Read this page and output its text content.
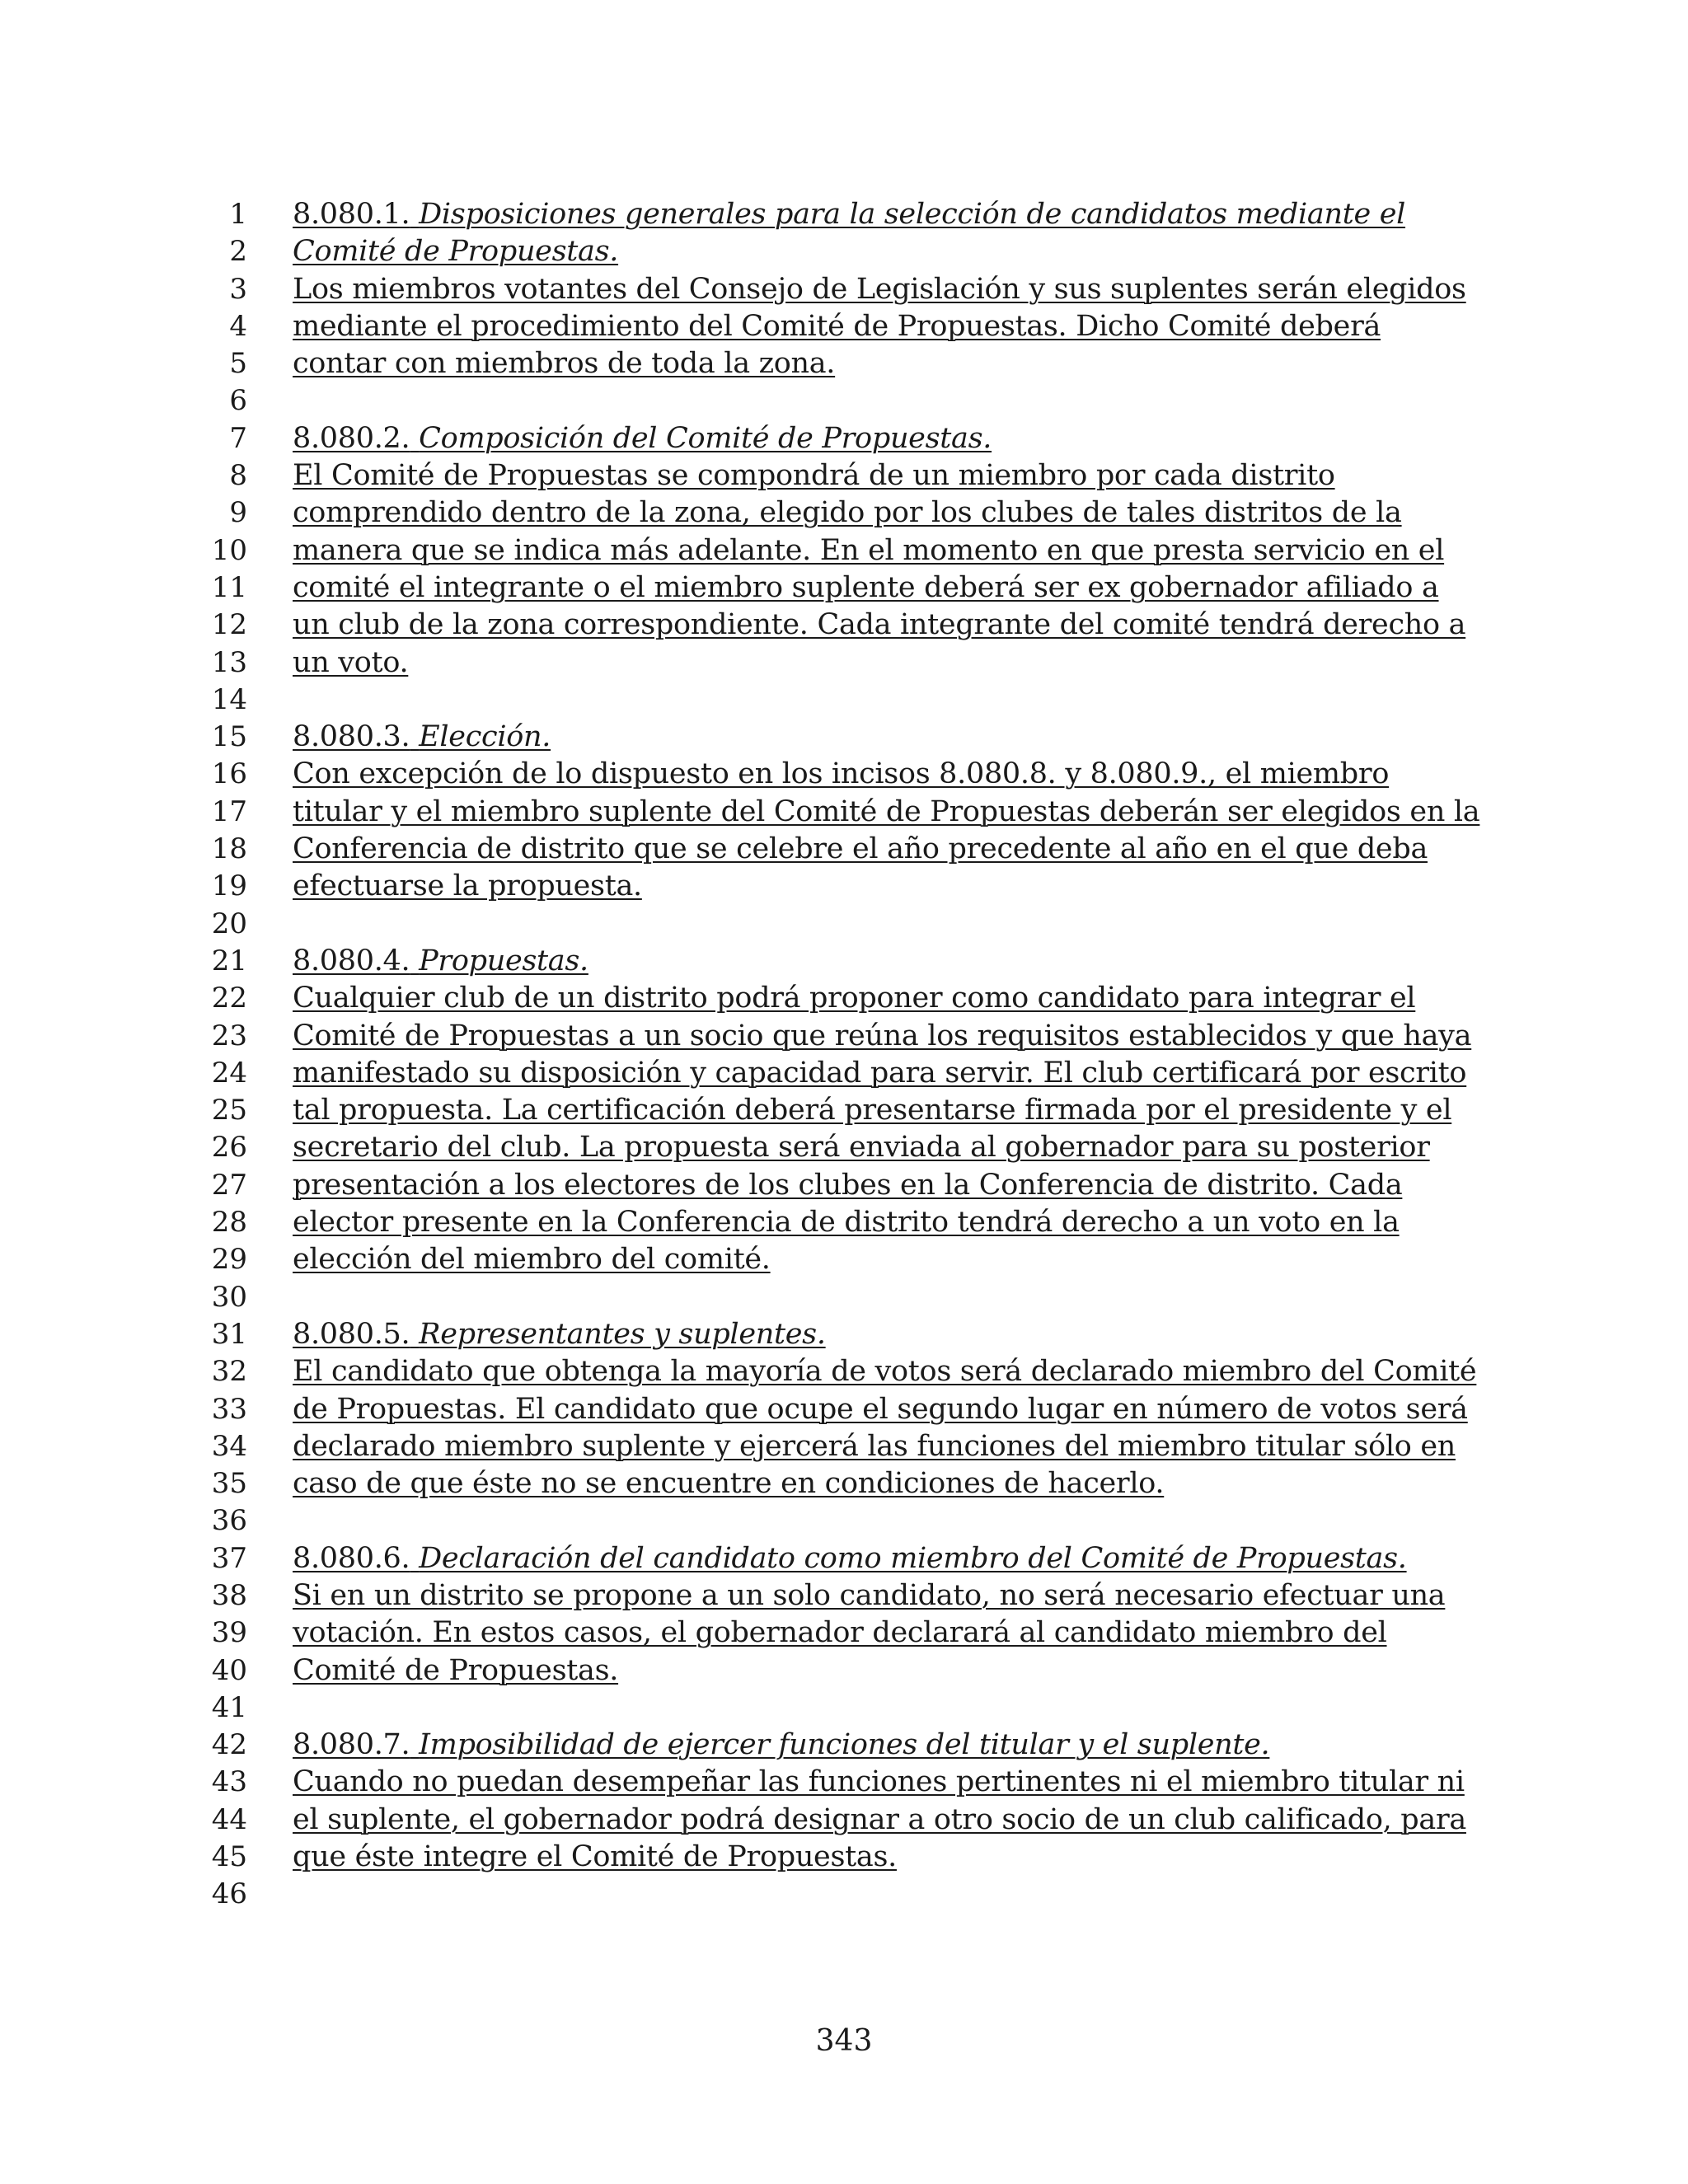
1 8.080.1. Disposiciones generales para la selección de candidatos mediante el
2 Comité de Propuestas.
3 Los miembros votantes del Consejo de Legislación y sus suplentes serán elegidos
4 mediante el procedimiento del Comité de Propuestas. Dicho Comité deberá
5 contar con miembros de toda la zona.
6
7 8.080.2. Composición del Comité de Propuestas.
8 El Comité de Propuestas se compondrá de un miembro por cada distrito
9 comprendido dentro de la zona, elegido por los clubes de tales distritos de la
10 manera que se indica más adelante. En el momento en que presta servicio en el
11 comité el integrante o el miembro suplente deberá ser ex gobernador afiliado a
12 un club de la zona correspondiente. Cada integrante del comité tendrá derecho a
13 un voto.
14
15 8.080.3. Elección.
16 Con excepción de lo dispuesto en los incisos 8.080.8. y 8.080.9., el miembro
17 titular y el miembro suplente del Comité de Propuestas deberán ser elegidos en la
18 Conferencia de distrito que se celebre el año precedente al año en el que deba
19 efectuarse la propuesta.
20
21 8.080.4. Propuestas.
22 Cualquier club de un distrito podrá proponer como candidato para integrar el
23 Comité de Propuestas a un socio que reúna los requisitos establecidos y que haya
24 manifestado su disposición y capacidad para servir. El club certificará por escrito
25 tal propuesta. La certificación deberá presentarse firmada por el presidente y el
26 secretario del club. La propuesta será enviada al gobernador para su posterior
27 presentación a los electores de los clubes en la Conferencia de distrito. Cada
28 elector presente en la Conferencia de distrito tendrá derecho a un voto en la
29 elección del miembro del comité.
30
31 8.080.5. Representantes y suplentes.
32 El candidato que obtenga la mayoría de votos será declarado miembro del Comité
33 de Propuestas. El candidato que ocupe el segundo lugar en número de votos será
34 declarado miembro suplente y ejercerá las funciones del miembro titular sólo en
35 caso de que éste no se encuentre en condiciones de hacerlo.
36
37 8.080.6. Declaración del candidato como miembro del Comité de Propuestas.
38 Si en un distrito se propone a un solo candidato, no será necesario efectuar una
39 votación. En estos casos, el gobernador declarará al candidato miembro del
40 Comité de Propuestas.
41
42 8.080.7. Imposibilidad de ejercer funciones del titular y el suplente.
43 Cuando no puedan desempeñar las funciones pertinentes ni el miembro titular ni
44 el suplente, el gobernador podrá designar a otro socio de un club calificado, para
45 que éste integre el Comité de Propuestas.
46
343
